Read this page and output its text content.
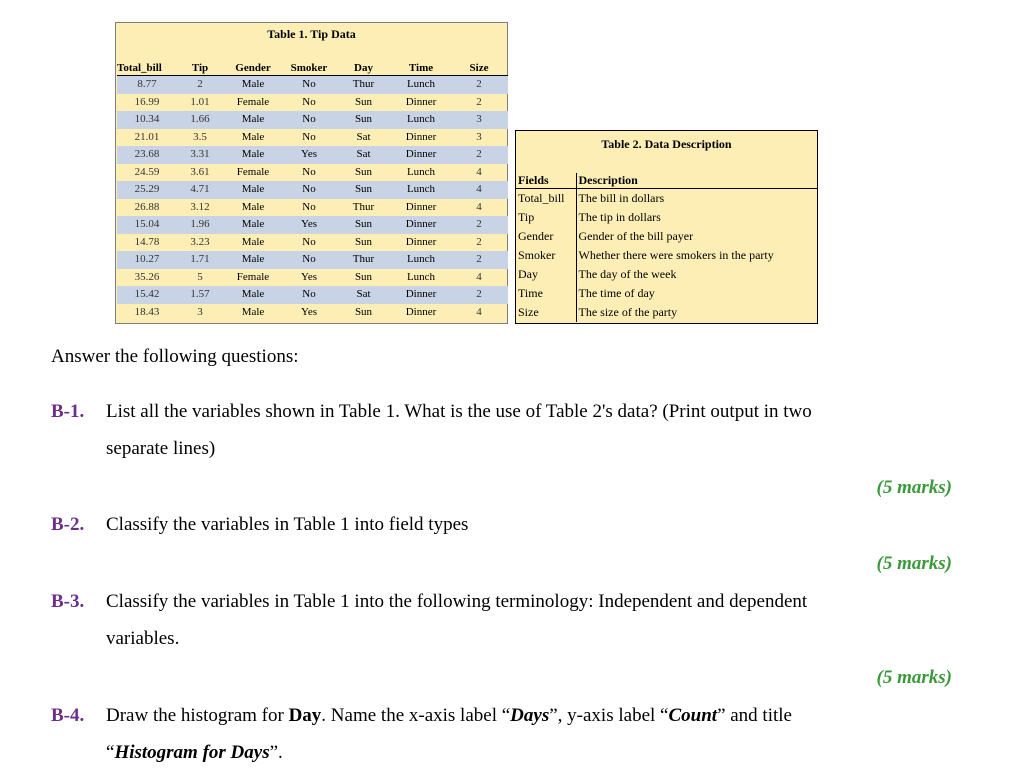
Table 1. Tip Data
Total_bill	Tip	Gender	Smoker	Day	Time	Size
8.77	2	Male	No	Thur	Lunch	2
16.99	1.01	Female	No	Sun	Dinner	2
10.34	1.66	Male	No	Sun	Lunch	3
21.01	3.5	Male	No	Sat	Dinner	3
23.68	3.31	Male	Yes	Sat	Dinner	2
24.59	3.61	Female	No	Sun	Lunch	4
25.29	4.71	Male	No	Sun	Lunch	4
26.88	3.12	Male	No	Thur	Dinner	4
15.04	1.96	Male	Yes	Sun	Dinner	2
14.78	3.23	Male	No	Sun	Dinner	2
10.27	1.71	Male	No	Thur	Lunch	2
35.26	5	Female	Yes	Sun	Lunch	4
15.42	1.57	Male	No	Sat	Dinner	2
18.43	3	Male	Yes	Sun	Dinner	4
Table 2. Data Description
Fields	Description
Total_bill	The bill in dollars
Tip	The tip in dollars
Gender	Gender of the bill payer
Smoker	Whether there were smokers in the party
Day	The day of the week
Time	The time of day
Size	The size of the party
Answer the following questions:
B-1. List all the variables shown in Table 1. What is the use of Table 2's data? (Print output in two
separate lines)
(5 marks)
B-2. Classify the variables in Table 1 into field types
(5 marks)
B-3. Classify the variables in Table 1 into the following terminology: Independent and dependent
variables.
(5 marks)
B-4. Draw the histogram for Day. Name the x-axis label “Days”, y-axis label “Count” and title
“Histogram for Days”.
